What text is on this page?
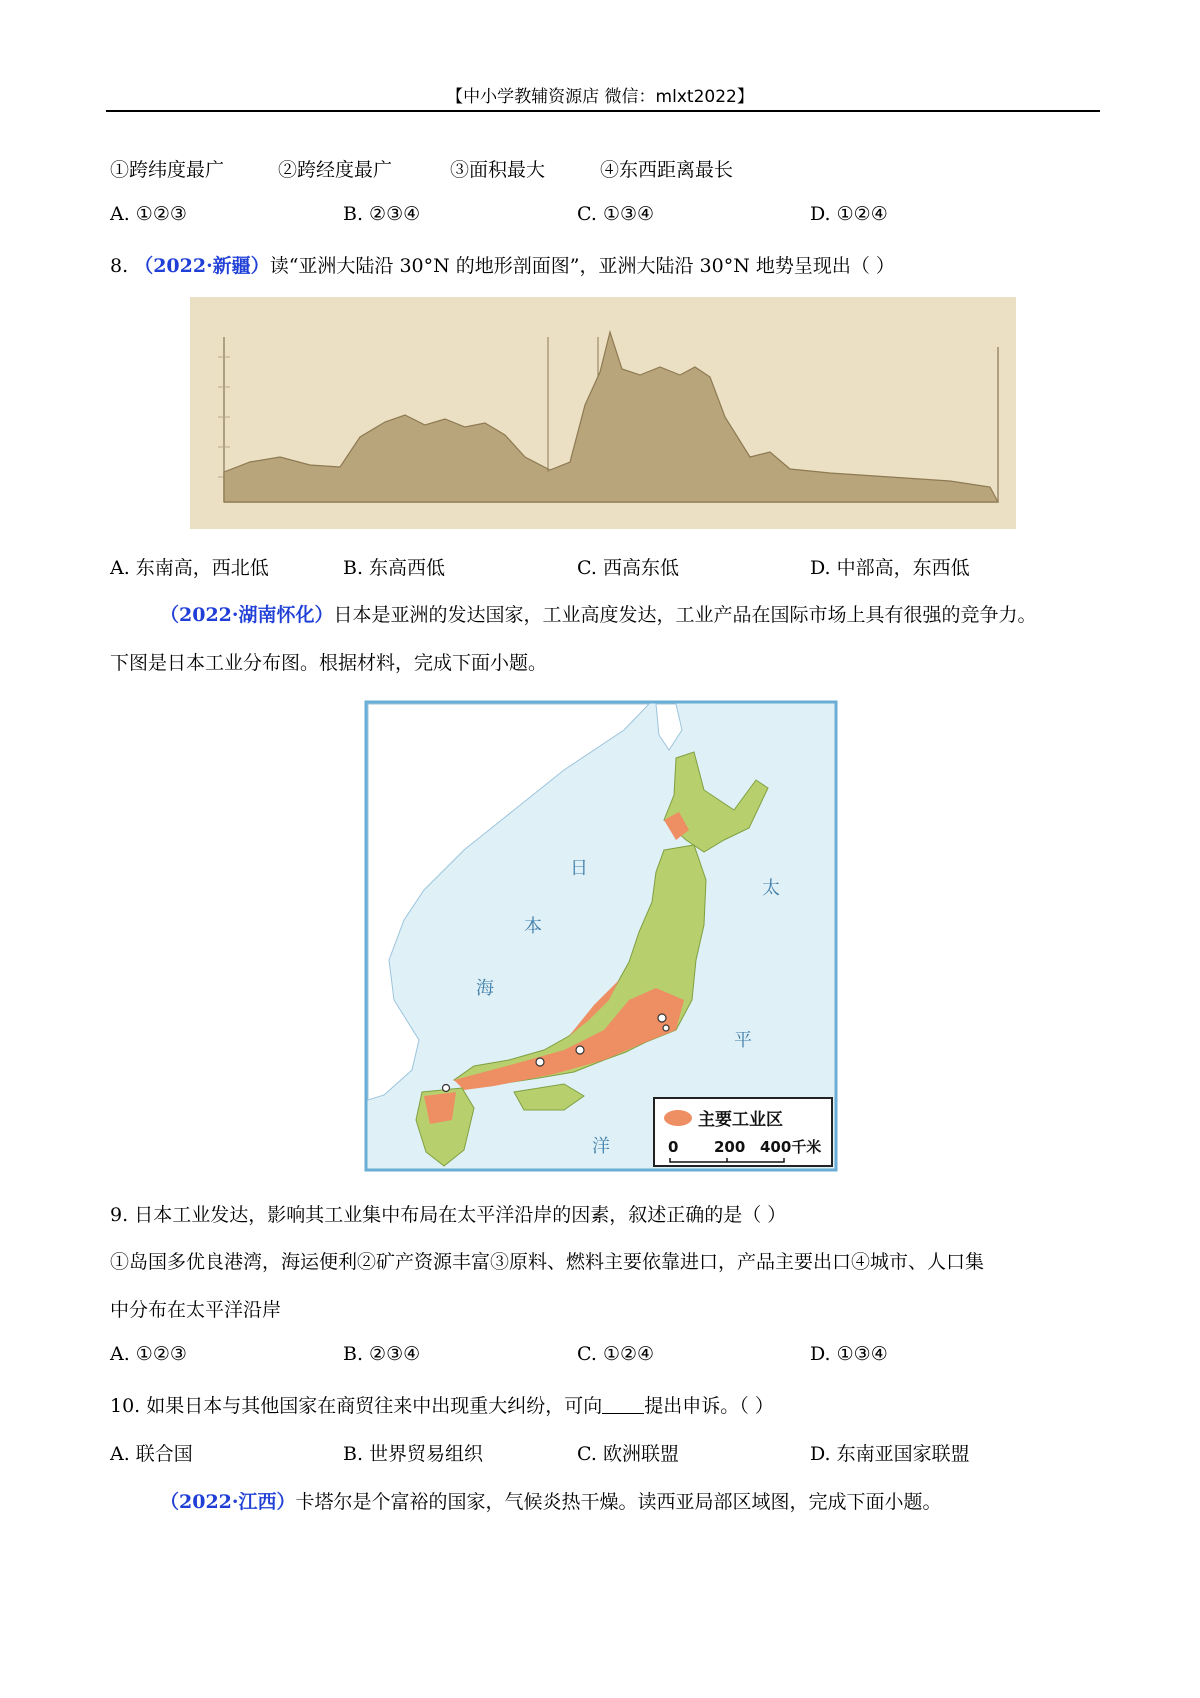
【中小学教辅资源店 微信：mlxt2022】
①跨纬度最广	②跨经度最广	③面积最大	④东西距离最长
A. ①②③	B. ②③④	C. ①③④	D. ①②④
8. （2022·新疆）读“亚洲大陆沿 30°N 的地形剖面图”，亚洲大陆沿 30°N 地势呈现出（ ）
A. 东南高，西北低	B. 东高西低	C. 西高东低	D. 中部高，东西低
（2022·湖南怀化）日本是亚洲的发达国家，工业高度发达，工业产品在国际市场上具有很强的竞争力。
下图是日本工业分布图。根据材料，完成下面小题。
日
本
海
太
平
洋
主要工业区
0 200 400千米
9. 日本工业发达，影响其工业集中布局在太平洋沿岸的因素，叙述正确的是（ ）
①岛国多优良港湾，海运便利②矿产资源丰富③原料、燃料主要依靠进口，产品主要出口④城市、人口集
中分布在太平洋沿岸
A. ①②③	B. ②③④	C. ①②④	D. ①③④
10. 如果日本与其他国家在商贸往来中出现重大纠纷，可向 提出申诉。（ ）
A. 联合国	B. 世界贸易组织	C. 欧洲联盟	D. 东南亚国家联盟
（2022·江西）卡塔尔是个富裕的国家，气候炎热干燥。读西亚局部区域图，完成下面小题。
